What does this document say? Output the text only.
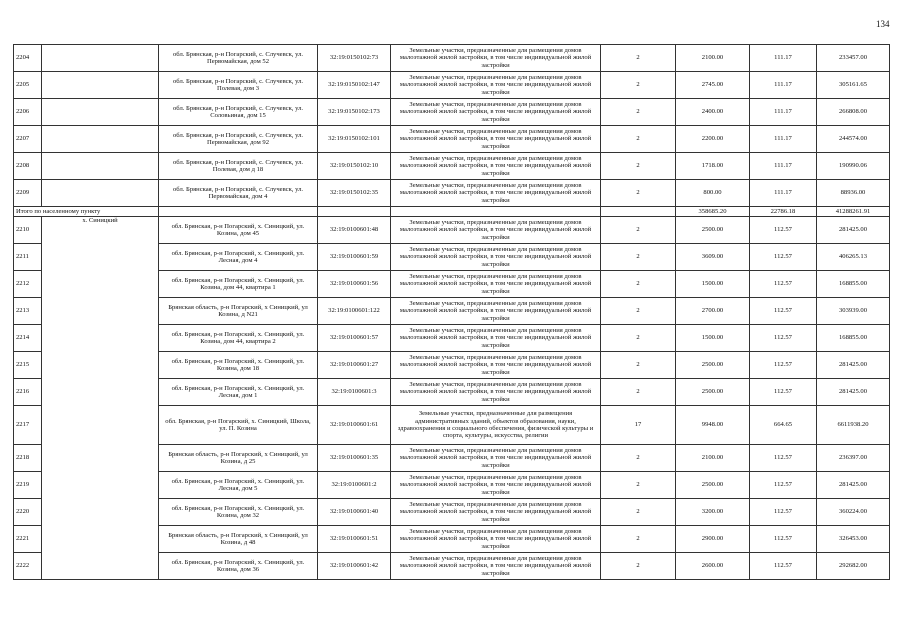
134
2204		обл. Брянская, р-н Погарский, с. Случевск, ул. Первомайская, дом 52	32:19:0150102:73	Земельные участки, предназначенные для размещения домов малоэтажной жилой застройки, в том числе индивидуальной жилой застройки	2	2100.00	111.17	233457.00
2205		обл. Брянская, р-н Погарский, с. Случевск, ул. Полевая, дом 3	32:19:0150102:147	Земельные участки, предназначенные для размещения домов малоэтажной жилой застройки, в том числе индивидуальной жилой застройки	2	2745.00	111.17	305161.65
2206		обл. Брянская, р-н Погарский, с. Случевск, ул. Соловьиная, дом 15	32:19:0150102:173	Земельные участки, предназначенные для размещения домов малоэтажной жилой застройки, в том числе индивидуальной жилой застройки	2	2400.00	111.17	266808.00
2207		обл. Брянская, р-н Погарский, с. Случевск, ул. Первомайская, дом 92	32:19:0150102:101	Земельные участки, предназначенные для размещения домов малоэтажной жилой застройки, в том числе индивидуальной жилой застройки	2	2200.00	111.17	244574.00
2208		обл. Брянская, р-н Погарский, с. Случевск, ул. Полевая, дом д 18	32:19:0150102:10	Земельные участки, предназначенные для размещения домов малоэтажной жилой застройки, в том числе индивидуальной жилой застройки	2	1718.00	111.17	190990.06
2209		обл. Брянская, р-н Погарский, с. Случевск, ул. Первомайская, дом 4	32:19:0150102:35	Земельные участки, предназначенные для размещения домов малоэтажной жилой застройки, в том числе индивидуальной жилой застройки	2	800.00	111.17	88936.00
Итого по населенному пункту						358685.20	22786.18	41288261.91
2210	х. Синицкий	обл. Брянская, р-н Погарский, х. Синицкий, ул. Козина, дом 45	32:19:0100601:48	Земельные участки, предназначенные для размещения домов малоэтажной жилой застройки, в том числе индивидуальной жилой застройки	2	2500.00	112.57	281425.00
2211		обл. Брянская, р-н Погарский, х. Синицкий, ул. Лесная, дом 4	32:19:0100601:59	Земельные участки, предназначенные для размещения домов малоэтажной жилой застройки, в том числе индивидуальной жилой застройки	2	3609.00	112.57	406265.13
2212		обл. Брянская, р-н Погарский, х. Синицкий, ул. Козина, дом 44, квартира 1	32:19:0100601:56	Земельные участки, предназначенные для размещения домов малоэтажной жилой застройки, в том числе индивидуальной жилой застройки	2	1500.00	112.57	168855.00
2213		Брянская область, р-н Погарский, х Синицкий, ул Козина, д N21	32:19:0100601:122	Земельные участки, предназначенные для размещения домов малоэтажной жилой застройки, в том числе индивидуальной жилой застройки	2	2700.00	112.57	303939.00
2214		обл. Брянская, р-н Погарский, х. Синицкий, ул. Козина, дом 44, квартира 2	32:19:0100601:57	Земельные участки, предназначенные для размещения домов малоэтажной жилой застройки, в том числе индивидуальной жилой застройки	2	1500.00	112.57	168855.00
2215		обл. Брянская, р-н Погарский, х. Синицкий, ул. Козина, дом 18	32:19:0100601:27	Земельные участки, предназначенные для размещения домов малоэтажной жилой застройки, в том числе индивидуальной жилой застройки	2	2500.00	112.57	281425.00
2216		обл. Брянская, р-н Погарский, х. Синицкий, ул. Лесная, дом 1	32:19:0100601:3	Земельные участки, предназначенные для размещения домов малоэтажной жилой застройки, в том числе индивидуальной жилой застройки	2	2500.00	112.57	281425.00
2217		обл. Брянская, р-н Погарский, х. Синицкий, Школа, ул. П. Козина	32:19:0100601:61	Земельные участки, предназначенные для размещения административных зданий, объектов образования, науки, здравоохранения и социального обеспечения, физической культуры и спорта, культуры, искусства, религии	17	9948.00	664.65	6611938.20
2218		Брянская область, р-н Погарский, х Синицкий, ул Козина, д 25	32:19:0100601:35	Земельные участки, предназначенные для размещения домов малоэтажной жилой застройки, в том числе индивидуальной жилой застройки	2	2100.00	112.57	236397.00
2219		обл. Брянская, р-н Погарский, х. Синицкий, ул. Лесная, дом 5	32:19:0100601:2	Земельные участки, предназначенные для размещения домов малоэтажной жилой застройки, в том числе индивидуальной жилой застройки	2	2500.00	112.57	281425.00
2220		обл. Брянская, р-н Погарский, х. Синицкий, ул. Козина, дом 32	32:19:0100601:40	Земельные участки, предназначенные для размещения домов малоэтажной жилой застройки, в том числе индивидуальной жилой застройки	2	3200.00	112.57	360224.00
2221		Брянская область, р-н Погарский, х Синицкий, ул Козина, д 48	32:19:0100601:51	Земельные участки, предназначенные для размещения домов малоэтажной жилой застройки, в том числе индивидуальной жилой застройки	2	2900.00	112.57	326453.00
2222		обл. Брянская, р-н Погарский, х. Синицкий, ул. Козина, дом 36	32:19:0100601:42	Земельные участки, предназначенные для размещения домов малоэтажной жилой застройки, в том числе индивидуальной жилой застройки	2	2600.00	112.57	292682.00
